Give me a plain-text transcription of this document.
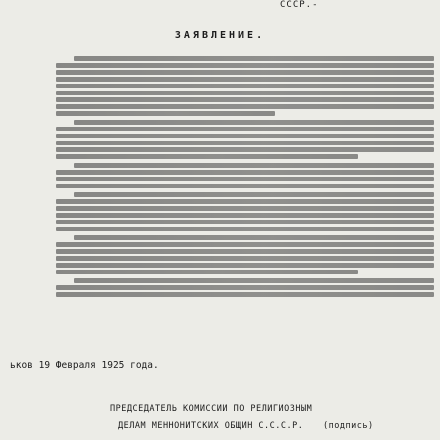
СССР.-
ЗАЯВЛЕНИЕ.
ьков 19 Февраля 1925 года.
ПРЕДСЕДАТЕЛЬ КОМИССИИ ПО РЕЛИГИОЗНЫМ
ДЕЛАМ МЕННОНИТСКИХ ОБЩИН С.С.С.Р. (подпись)
